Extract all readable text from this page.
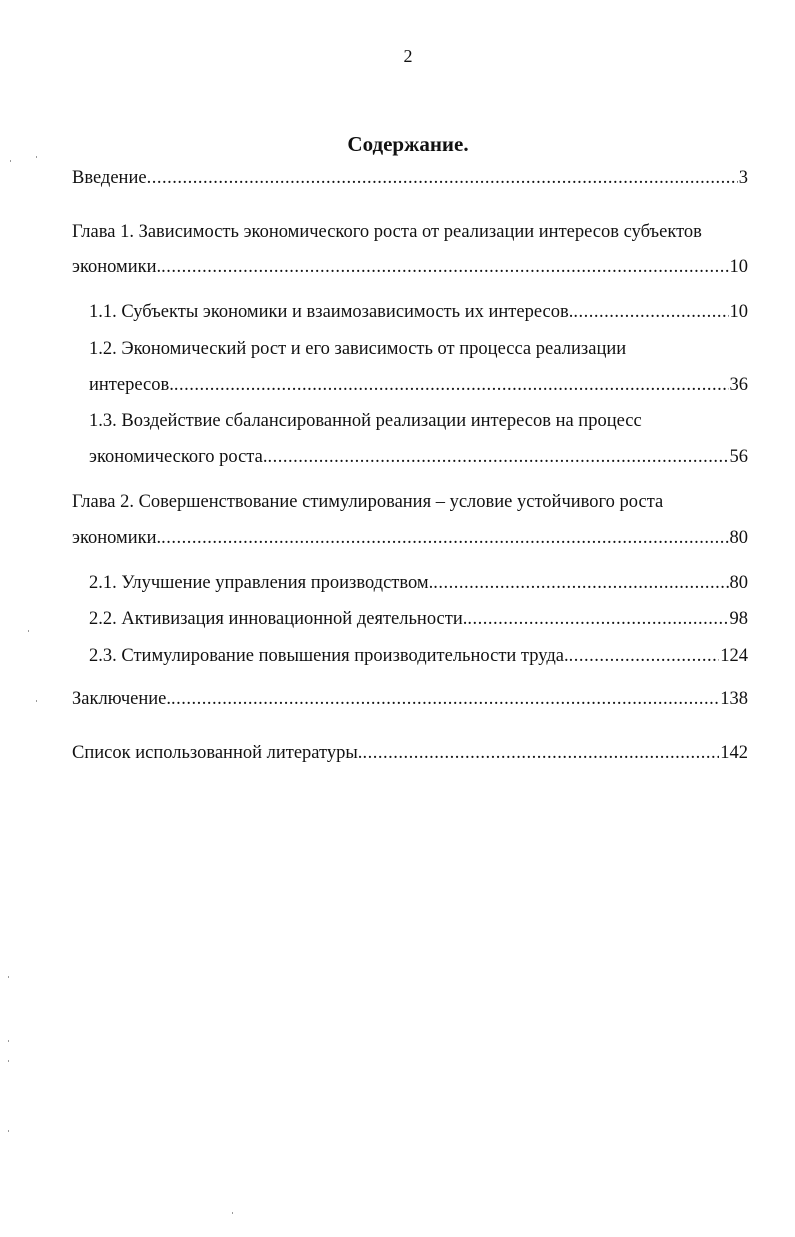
2
Содержание.
Введение .....	3
Глава 1. Зависимость экономического роста от реализации интересов субъектов
экономики. .....	10
1.1. Субъекты экономики и взаимозависимость их интересов. .....	10
1.2. Экономический рост и его зависимость от процесса реализации
интересов. .....	36
1.3. Воздействие сбалансированной реализации интересов на процесс
экономического роста. .....	56
Глава 2. Совершенствование стимулирования – условие устойчивого роста
экономики. .....	80
2.1. Улучшение управления производством. .....	80
2.2. Активизация инновационной деятельности. .....	98
2.3. Стимулирование повышения производительности труда. .....	124
Заключение. .....	138
Список использованной литературы. .....	142
